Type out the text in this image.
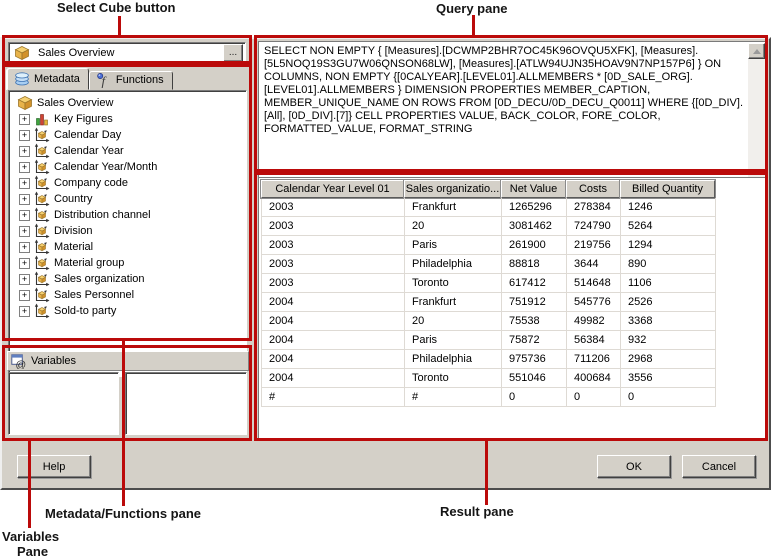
Select Cube button	Query pane
Metadata/Functions pane
Variables
Pane
Result pane
Sales Overview	...
Metadata f Functions
Sales Overview
+
Key Figures
+
Calendar Day
+
Calendar Year
+
Calendar Year/Month
+
Company code
+
Country
+
Distribution channel
+
Division
+
Material
+
Material group
+
Sales organization
+
Sales Personnel
+
Sold-to party
@ Variables
SELECT NON EMPTY { [Measures].[DCWMP2BHR7OC45K96OVQU5XFK], [Measures].[5L5NOQ19S3GU7W06QNSON68LW], [Measures].[ATLW94UJN35HOAV9N7NP157P6] } ON COLUMNS, NON EMPTY {[0CALYEAR].[LEVEL01].ALLMEMBERS * [0D_SALE_ORG].[LEVEL01].ALLMEMBERS } DIMENSION PROPERTIES MEMBER_CAPTION, MEMBER_UNIQUE_NAME ON ROWS FROM [0D_DECU/0D_DECU_Q0011] WHERE {[0D_DIV].[All], [0D_DIV].[7]} CELL PROPERTIES VALUE, BACK_COLOR, FORE_COLOR, FORMATTED_VALUE, FORMAT_STRING
Calendar Year Level 01	Sales organizatio... Net Value	Costs	Billed Quantity
2003	Frankfurt	1265296	278384	1246
2003	20	3081462	724790	5264
2003	Paris	261900	219756	1294
2003	Philadelphia	88818	3644	890
2003	Toronto	617412	514648	1106
2004	Frankfurt	751912	545776	2526
2004	20	75538	49982	3368
2004	Paris	75872	56384	932
2004	Philadelphia	975736	711206	2968
2004	Toronto	551046	400684	3556
#	#	0	0	0
Help	OK	Cancel
